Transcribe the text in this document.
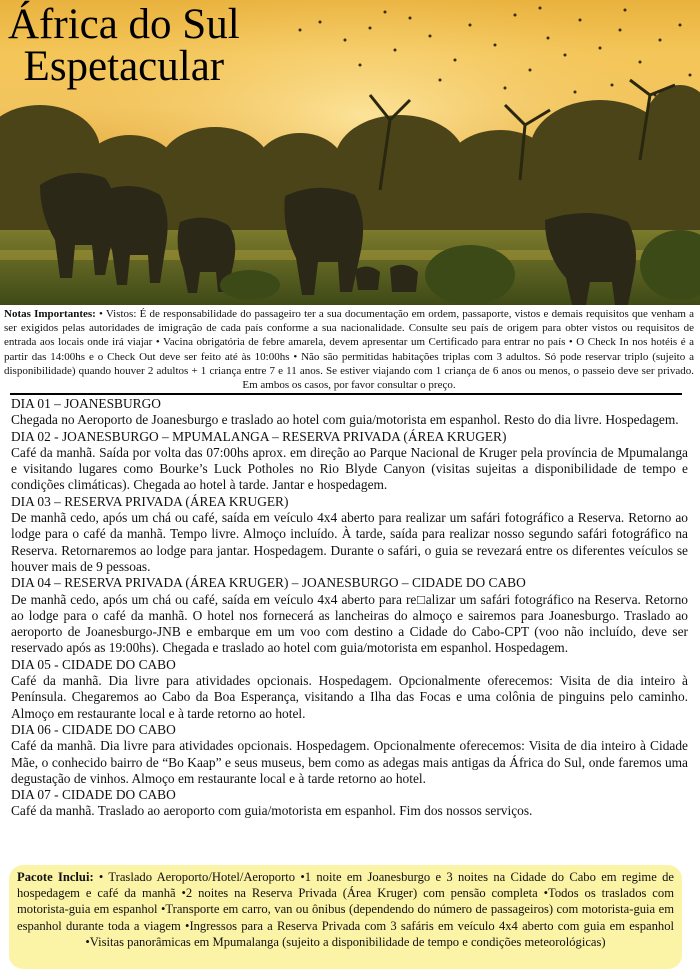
África do Sul
Espetacular

Notas Importantes: • Vistos: É de responsabilidade do passageiro ter a sua documentação em ordem, passaporte, vistos e demais requisitos que venham a ser exigidos pelas autoridades de imigração de cada país conforme a sua nacionalidade. Consulte seu país de origem para obter vistos ou requisitos de entrada aos locais onde irá viajar • Vacina obrigatória de febre amarela, devem apresentar um Certificado para entrar no país • O Check In nos hotéis é a partir das 14:00hs e o Check Out deve ser feito até às 10:00hs • Não são permitidas habitações triplas com 3 adultos. Só pode reservar triplo (sujeito a disponibilidade) quando houver 2 adultos + 1 criança entre 7 e 11 anos. Se estiver viajando com 1 criança de 6 anos ou menos, o passeio deve ser privado. Em ambos os casos, por favor consultar o preço.

DIA 01 – JOANESBURGO

Chegada no Aeroporto de Joanesburgo e traslado ao hotel com guia/motorista em espanhol. Resto do dia livre. Hospedagem.

DIA 02 - JOANESBURGO – MPUMALANGA – RESERVA PRIVADA (ÁREA KRUGER)

Café da manhã. Saída por volta das 07:00hs aprox. em direção ao Parque Nacional de Kruger pela província de Mpumalanga e visitando lugares como Bourke’s Luck Potholes no Rio Blyde Canyon (visitas sujeitas a disponibilidade de tempo e condições climáticas). Chegada ao hotel à tarde. Jantar e hospedagem.

DIA 03 – RESERVA PRIVADA (ÁREA KRUGER)

De manhã cedo, após um chá ou café, saída em veículo 4x4 aberto para realizar um safári fotográfico a Reserva. Retorno ao lodge para o café da manhã. Tempo livre. Almoço incluído. À tarde, saída para realizar nosso segundo safári fotográfico na Reserva. Retornaremos ao lodge para jantar. Hospedagem. Durante o safári, o guia se revezará entre os diferentes veículos se houver mais de 9 pessoas.

DIA 04 – RESERVA PRIVADA (ÁREA KRUGER) – JOANESBURGO – CIDADE DO CABO

De manhã cedo, após um chá ou café, saída em veículo 4x4 aberto para re□alizar um safári fotográfico na Reserva. Retorno ao lodge para o café da manhã. O hotel nos fornecerá as lancheiras do almoço e sairemos para Joanesburgo. Traslado ao aeroporto de Joanesburgo-JNB e embarque em um voo com destino a Cidade do Cabo-CPT (voo não incluído, deve ser reservado após as 19:00hs). Chegada e traslado ao hotel com guia/motorista em espanhol. Hospedagem.

DIA 05 - CIDADE DO CABO

Café da manhã. Dia livre para atividades opcionais. Hospedagem. Opcionalmente oferecemos: Visita de dia inteiro à Península. Chegaremos ao Cabo da Boa Esperança, visitando a Ilha das Focas e uma colônia de pinguins pelo caminho. Almoço em restaurante local e à tarde retorno ao hotel.

DIA 06 - CIDADE DO CABO

Café da manhã. Dia livre para atividades opcionais. Hospedagem. Opcionalmente oferecemos: Visita de dia inteiro à Cidade Mãe, o conhecido bairro de “Bo Kaap” e seus museus, bem como as adegas mais antigas da África do Sul, onde faremos uma degustação de vinhos. Almoço em restaurante local e à tarde retorno ao hotel.

DIA 07 - CIDADE DO CABO

Café da manhã. Traslado ao aeroporto com guia/motorista em espanhol. Fim dos nossos serviços.

Pacote Inclui: • Traslado Aeroporto/Hotel/Aeroporto •1 noite em Joanesburgo e 3 noites na Cidade do Cabo em regime de hospedagem e café da manhã •2 noites na Reserva Privada (Área Kruger) com pensão completa •Todos os traslados com motorista-guia em espanhol •Transporte em carro, van ou ônibus (dependendo do número de passageiros) com motorista-guia em espanhol durante toda a viagem •Ingressos para a Reserva Privada com 3 safáris em veículo 4x4 aberto com guia em espanhol •Visitas panorâmicas em Mpumalanga (sujeito a disponibilidade de tempo e condições meteorológicas)
